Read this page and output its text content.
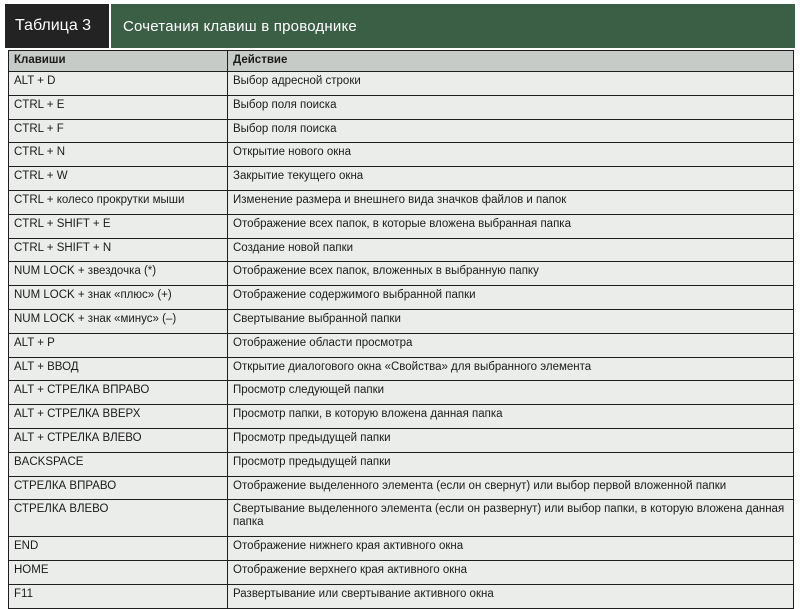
Таблица 3	Сочетания клавиш в проводнике
Клавиши	Действие
ALT + D	Выбор адресной строки
CTRL + E	Выбор поля поиска
CTRL + F	Выбор поля поиска
CTRL + N	Открытие нового окна
CTRL + W	Закрытие текущего окна
CTRL + колесо прокрутки мыши	Изменение размера и внешнего вида значков файлов и папок
CTRL + SHIFT + E	Отображение всех папок, в которые вложена выбранная папка
CTRL + SHIFT + N	Создание новой папки
NUM LOCK + звездочка (*)	Отображение всех папок, вложенных в выбранную папку
NUM LOCK + знак «плюс» (+)	Отображение содержимого выбранной папки
NUM LOCK + знак «минус» (–)	Свертывание выбранной папки
ALT + P	Отображение области просмотра
ALT + ВВОД	Открытие диалогового окна «Свойства» для выбранного элемента
ALT + СТРЕЛКА ВПРАВО	Просмотр следующей папки
ALT + СТРЕЛКА ВВЕРХ	Просмотр папки, в которую вложена данная папка
ALT + СТРЕЛКА ВЛЕВО	Просмотр предыдущей папки
BACKSPACE	Просмотр предыдущей папки
СТРЕЛКА ВПРАВО	Отображение выделенного элемента (если он свернут) или выбор первой вложенной папки
СТРЕЛКА ВЛЕВО	Свертывание выделенного элемента (если он развернут) или выбор папки, в которую вложена данная папка
END	Отображение нижнего края активного окна
HOME	Отображение верхнего края активного окна
F11	Развертывание или свертывание активного окна
